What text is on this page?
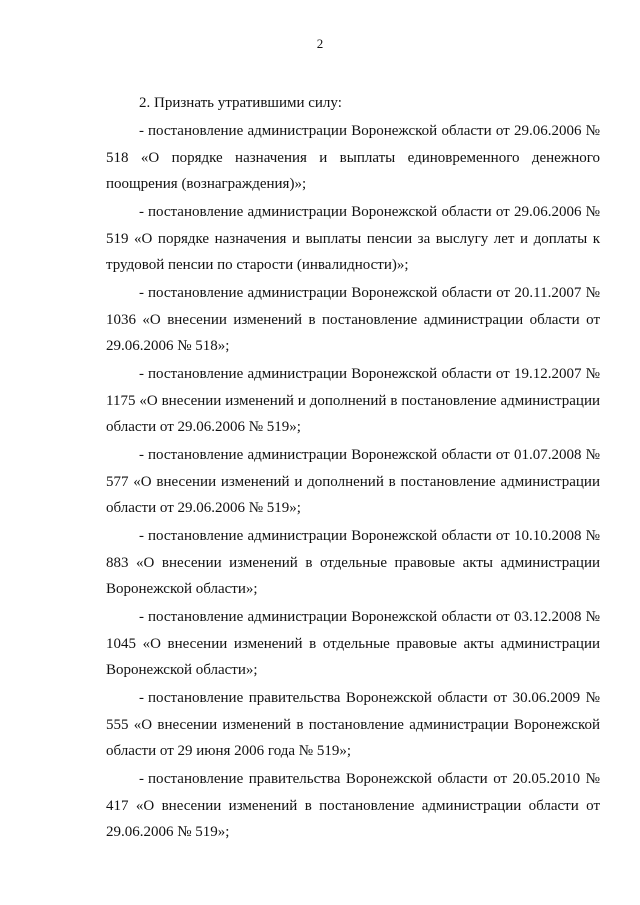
2

2. Признать утратившими силу:

- постановление администрации Воронежской области от 29.06.2006 № 518 «О порядке назначения и выплаты единовременного денежного поощрения (вознаграждения)»;

- постановление администрации Воронежской области от 29.06.2006 № 519 «О порядке назначения и выплаты пенсии за выслугу лет и доплаты к трудовой пенсии по старости (инвалидности)»;

- постановление администрации Воронежской области от 20.11.2007 № 1036 «О внесении изменений в постановление администрации области от 29.06.2006 № 518»;

- постановление администрации Воронежской области от 19.12.2007 № 1175 «О внесении изменений и дополнений в постановление администрации области от 29.06.2006 № 519»;

- постановление администрации Воронежской области от 01.07.2008 № 577 «О внесении изменений и дополнений в постановление администрации области от 29.06.2006 № 519»;

- постановление администрации Воронежской области от 10.10.2008 № 883 «О внесении изменений в отдельные правовые акты администрации Воронежской области»;

- постановление администрации Воронежской области от 03.12.2008 № 1045 «О внесении изменений в отдельные правовые акты администрации Воронежской области»;

- постановление правительства Воронежской области от 30.06.2009 № 555 «О внесении изменений в постановление администрации Воронежской области от 29 июня 2006 года № 519»;

- постановление правительства Воронежской области от 20.05.2010 № 417 «О внесении изменений в постановление администрации области от 29.06.2006 № 519»;
